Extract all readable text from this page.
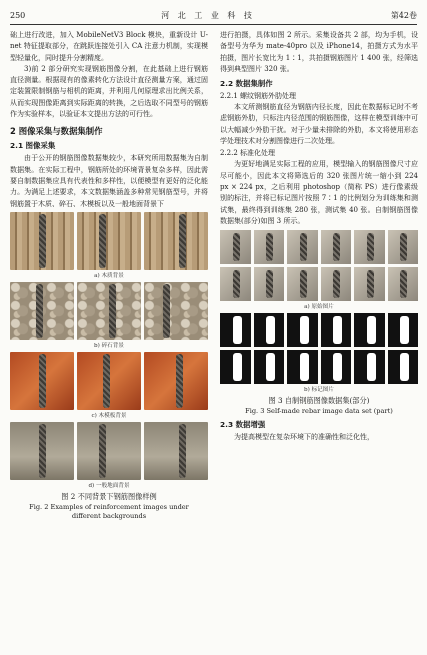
250	河 北 工 业 科 技	第42卷

础上进行改进，加入 MobileNetV3 Block 模块，重新设计 U-net 特征提取部分，在跳跃连接处引入 CA 注意力机制，实现模型轻量化，同时提升分割精度。

3)前 2 部分研究实现钢筋图像分割，在此基础上进行钢筋直径测量。根据现有的像素转化方法设计直径测量方案，通过固定装置限制钢筋与相机的距离，并利用几何原理求出比例关系，从而实现图像距离到实际距离的转换，之后选取不同型号的钢筋作为实验样本，以验证本文提出方法的可行性。

2 图像采集与数据集制作
2.1 图像采集

由于公开的钢筋图像数据集较少，本研究所用数据集为自制数据集。在实际工程中，钢筋所处的环境背景复杂多样，因此需要自制数据集应具有代表性和多样性，以便模型有更好的泛化能力。为满足上述要求，本文数据集涵盖多种常见钢筋型号，并将钢筋置于木质、碎石、木模板以及一般地面背景下

a) 木质背景
b) 碎石背景
c) 木模板背景
d) 一般地面背景
图 2 不同背景下钢筋图像样例

Fig. 2 Examples of reinforcement images under

different backgrounds

进行拍摄，具体如图 2 所示。采集设备共 2 部，均为手机，设备型号为华为 mate-40pro 以及 iPhone14，拍摄方式为水平拍摄，图片长宽比为 1∶1，共拍摄钢筋图片 1 400 张，经筛选得到典型图片 320 张。

2.2 数据集制作
2.2.1 螺纹钢筋外肋处理

本文所测钢筋直径为钢筋内径长度，因此在数据标记时不考虑钢筋外肋，只标注内径范围的钢筋图像，这样在模型训练中可以大幅减少外肋干扰。对于少量未排除的外肋，本文将使用形态学处理技术对分割图像进行二次处理。

2.2.2 标准化处理

为更好地满足实际工程的应用，模型输入的钢筋图像尺寸应尽可能小，因此本文将筛选后的 320 张图片统一缩小到 224 px × 224 px，之后利用 photoshop（简称 PS）进行像素级别的标注，并将已标记图片按照 7∶1 的比例划分为训练集和测试集，最终得到训练集 280 张，测试集 40 张。自制钢筋图像数据集(部分)如图 3 所示。

a) 原始图片
b) 标记图片
图 3 自制钢筋图像数据集(部分)

Fig. 3 Self-made rebar image data set (part)

2.3 数据增强

为提高模型在复杂环境下的准确性和泛化性，
